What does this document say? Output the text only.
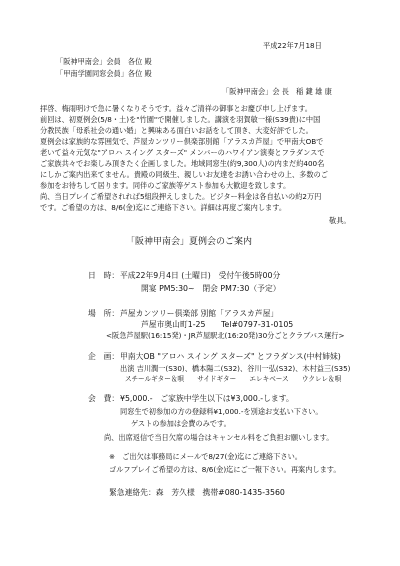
平成22年7月18日
「阪神甲南会」会員　各位 殿
「甲南学園同窓会員」各位 殿
「阪神甲南会」会 長　稲 鍵 雄 康
拝啓、梅雨明けで急に暑くなりそうです。益々ご清祥の御事とお慶び申し上げます。
前回は、初夏例会(5/8・土)を"竹園"で開催しました。講演を羽賀敏一様(S39貴)に中国
分教民族「母系社会の通い婚」と興味ある面白いお話をして頂き、大変好評でした。
夏例会は家族的な雰囲気で、芦屋カンツリー倶楽部別館「アラスカ芦屋」で甲南大OBで
老いて益々元気な"アロハ スイング スターズ" メンバーのハワイアン演奏とフラダンスで
ご家族共々でお楽しみ頂きたく企画しました。地域同窓生(約9,300人)の内まだ約400名
にしかご案内出来てません。貴殿の同級生、親しいお友達をお誘い合わせの上、多数のご
参加をお待ちして居ります。同伴のご家族等ゲスト参加も大歓迎を致します。
尚、当日プレイご希望されれば5組段押えしました。ビジター料金は各自払いの約2万円
です。ご希望の方は、8/6(金)迄にご連絡下さい。詳細は再度ご案内します。
敬具。
「阪神甲南会」夏例会のご案内
日　時： 平成22年9月4日 (土曜日)　受付午後5時00分
開宴 PM5:30~　閉会 PM7:30（予定）
場　所： 芦屋カンツリー倶楽部 別館「アラスカ芦屋」
芦屋市奥山町1-25　　Tel#0797-31-0105
<阪急芦屋駅(16:15発)・JR芦屋駅北(16:20発)30分ごとクラブバス運行>
企　画： 甲南大OB "アロハ スイング スターズ" とフラダンス(中村姉妹)
出演 吉川潤一(S30)、橋本陽二(S32)、谷川一弘(S32)、木村益三(S35)
スチールギター＆唄　　サイドギター　　エレキベース　　ウクレレ＆唄
会　費： ¥5,000.-　ご家族中学生以下は¥3,000.-します。
同窓生で初参加の方の登録料¥1,000.-を別途お支払い下さい。
ゲストの参加は会費のみです。
尚、出席返信で当日欠席の場合はキャンセル料をご負担お願いします。
※　ご出欠は事務局にメールで8/27(金)迄にご連絡下さい。
ゴルフプレイご希望の方は、8/6(金)迄にご一報下さい。再案内します。
緊急連絡先：森　芳久様　携帯#080-1435-3560
